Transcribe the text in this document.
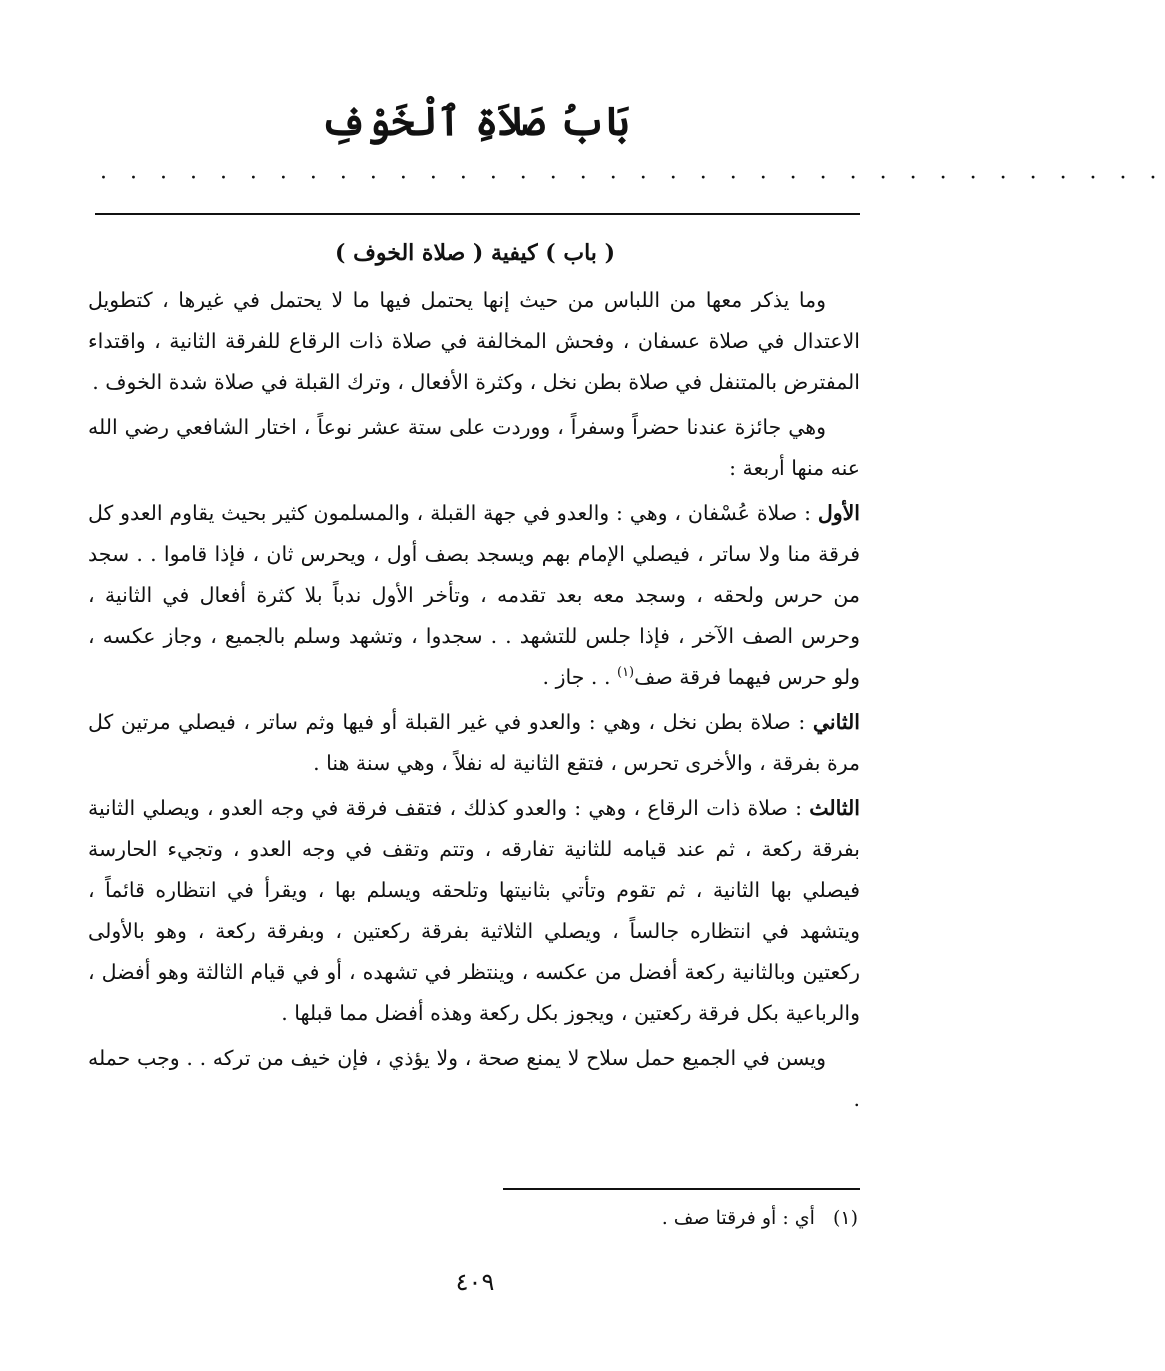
بَابُ صَلاَةِ ٱلْخَوْفِ
· · · · · · · · · · · · · · · · · · · · · · · · · · · · · · · · · · · ·
( باب ) كيفية ( صلاة الخوف )

وما يذكر معها من اللباس من حيث إنها يحتمل فيها ما لا يحتمل في غيرها ، كتطويل الاعتدال في صلاة عسفان ، وفحش المخالفة في صلاة ذات الرقاع للفرقة الثانية ، واقتداء المفترض بالمتنفل في صلاة بطن نخل ، وكثرة الأفعال ، وترك القبلة في صلاة شدة الخوف .

وهي جائزة عندنا حضراً وسفراً ، ووردت على ستة عشر نوعاً ، اختار الشافعي رضي الله عنه منها أربعة :

الأول : صلاة عُسْفان ، وهي : والعدو في جهة القبلة ، والمسلمون كثير بحيث يقاوم العدو كل فرقة منا ولا ساتر ، فيصلي الإمام بهم ويسجد بصف أول ، ويحرس ثان ، فإذا قاموا . . سجد من حرس ولحقه ، وسجد معه بعد تقدمه ، وتأخر الأول ندباً بلا كثرة أفعال في الثانية ، وحرس الصف الآخر ، فإذا جلس للتشهد . . سجدوا ، وتشهد وسلم بالجميع ، وجاز عكسه ، ولو حرس فيهما فرقة صف$^{(١)}$ . . جاز .

الثاني : صلاة بطن نخل ، وهي : والعدو في غير القبلة أو فيها وثم ساتر ، فيصلي مرتين كل مرة بفرقة ، والأخرى تحرس ، فتقع الثانية له نفلاً ، وهي سنة هنا .

الثالث : صلاة ذات الرقاع ، وهي : والعدو كذلك ، فتقف فرقة في وجه العدو ، ويصلي الثانية بفرقة ركعة ، ثم عند قيامه للثانية تفارقه ، وتتم وتقف في وجه العدو ، وتجيء الحارسة فيصلي بها الثانية ، ثم تقوم وتأتي بثانيتها وتلحقه ويسلم بها ، ويقرأ في انتظاره قائماً ، ويتشهد في انتظاره جالساً ، ويصلي الثلاثية بفرقة ركعتين ، وبفرقة ركعة ، وهو بالأولى ركعتين وبالثانية ركعة أفضل من عكسه ، وينتظر في تشهده ، أو في قيام الثالثة وهو أفضل ، والرباعية بكل فرقة ركعتين ، ويجوز بكل ركعة وهذه أفضل مما قبلها .

ويسن في الجميع حمل سلاح لا يمنع صحة ، ولا يؤذي ، فإن خيف من تركه . . وجب حمله .

(١)أي : أو فرقتا صف .
٤٠٩
